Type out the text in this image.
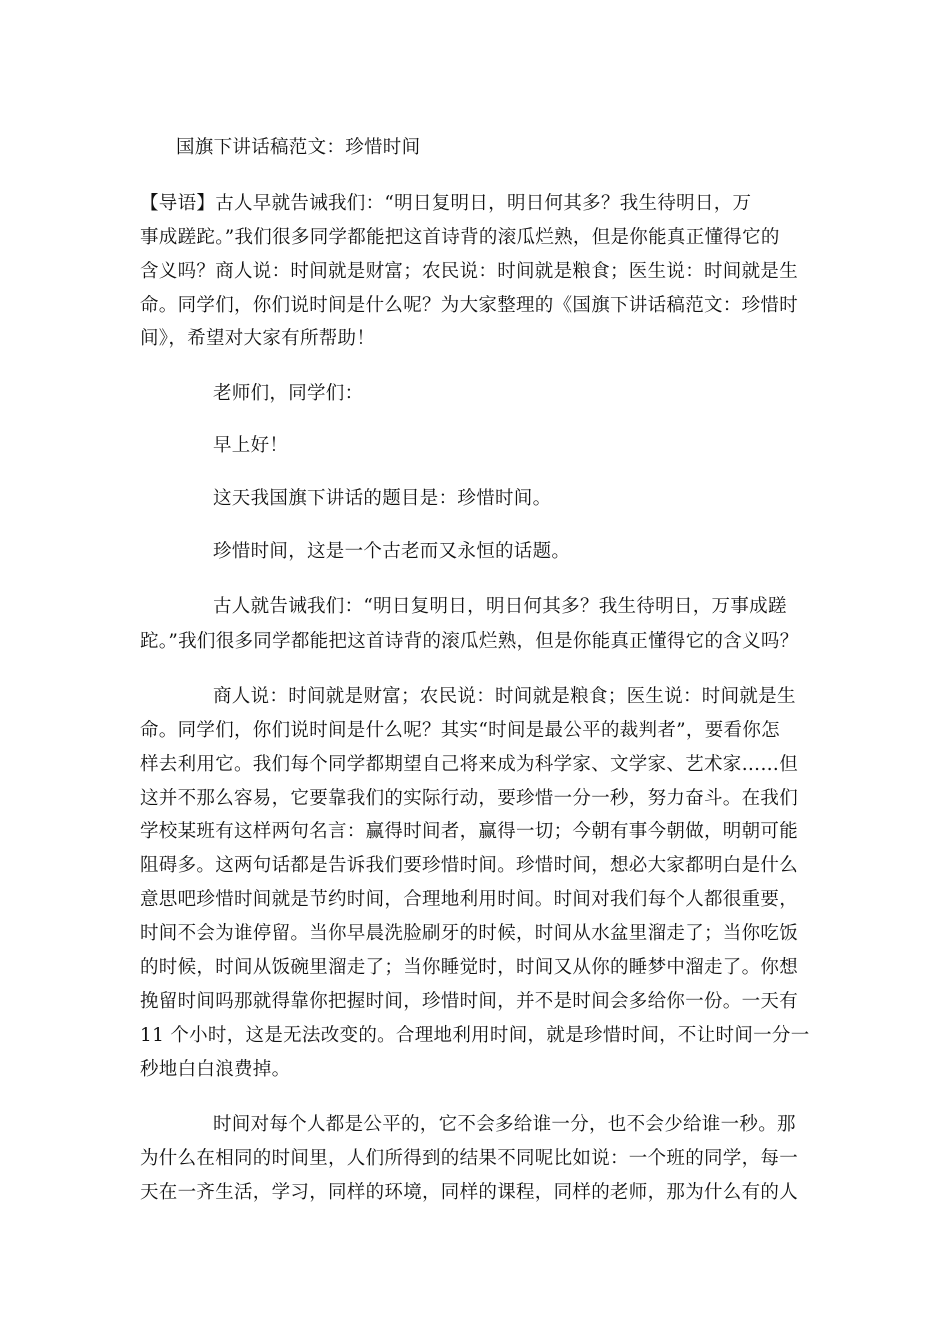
国旗下讲话稿范文：珍惜时间
【导语】古人早就告诫我们：“明日复明日，明日何其多？我生待明日，万
事成蹉跎。”我们很多同学都能把这首诗背的滚瓜烂熟，但是你能真正懂得它的
含义吗？商人说：时间就是财富；农民说：时间就是粮食；医生说：时间就是生
命。同学们，你们说时间是什么呢？为大家整理的《国旗下讲话稿范文：珍惜时
间》，希望对大家有所帮助！
老师们，同学们：
早上好！
这天我国旗下讲话的题目是：珍惜时间。
珍惜时间，这是一个古老而又永恒的话题。
古人就告诫我们：“明日复明日，明日何其多？我生待明日，万事成蹉
跎。”我们很多同学都能把这首诗背的滚瓜烂熟，但是你能真正懂得它的含义吗？
商人说：时间就是财富；农民说：时间就是粮食；医生说：时间就是生
命。同学们，你们说时间是什么呢？其实“时间是最公平的裁判者”，要看你怎
样去利用它。我们每个同学都期望自己将来成为科学家、文学家、艺术家……但
这并不那么容易，它要靠我们的实际行动，要珍惜一分一秒，努力奋斗。在我们
学校某班有这样两句名言：赢得时间者，赢得一切；今朝有事今朝做，明朝可能
阻碍多。这两句话都是告诉我们要珍惜时间。珍惜时间，想必大家都明白是什么
意思吧珍惜时间就是节约时间，合理地利用时间。时间对我们每个人都很重要，
时间不会为谁停留。当你早晨洗脸刷牙的时候，时间从水盆里溜走了；当你吃饭
的时候，时间从饭碗里溜走了；当你睡觉时，时间又从你的睡梦中溜走了。你想
挽留时间吗那就得靠你把握时间，珍惜时间，并不是时间会多给你一份。一天有
11 个小时，这是无法改变的。合理地利用时间，就是珍惜时间，不让时间一分一
秒地白白浪费掉。
时间对每个人都是公平的，它不会多给谁一分，也不会少给谁一秒。那
为什么在相同的时间里，人们所得到的结果不同呢比如说：一个班的同学，每一
天在一齐生活，学习，同样的环境，同样的课程，同样的老师，那为什么有的人
